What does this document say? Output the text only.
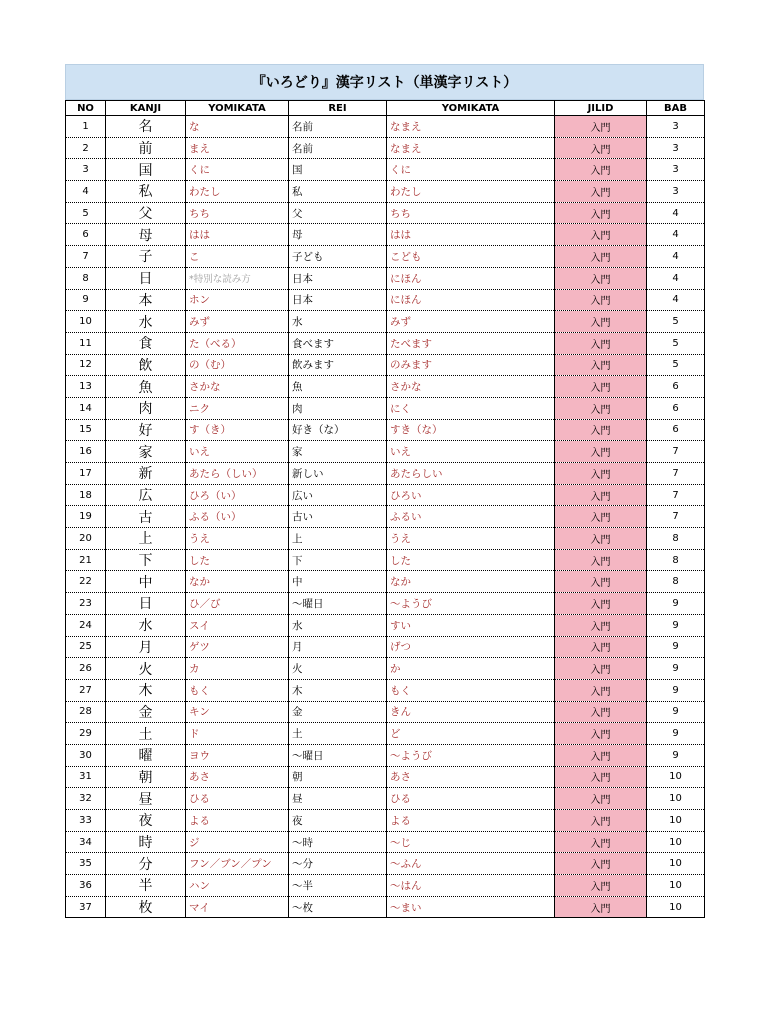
『いろどり』漢字リスト（単漢字リスト）
NO	KANJI	YOMIKATA	REI	YOMIKATA	JILID	BAB
1	名	な	名前	なまえ	入門	3
2	前	まえ	名前	なまえ	入門	3
3	国	くに	国	くに	入門	3
4	私	わたし	私	わたし	入門	3
5	父	ちち	父	ちち	入門	4
6	母	はは	母	はは	入門	4
7	子	こ	子ども	こども	入門	4
8	日	*特別な読み方	日本	にほん	入門	4
9	本	ホン	日本	にほん	入門	4
10	水	みず	水	みず	入門	5
11	食	た（べる）	食べます	たべます	入門	5
12	飲	の（む）	飲みます	のみます	入門	5
13	魚	さかな	魚	さかな	入門	6
14	肉	ニク	肉	にく	入門	6
15	好	す（き）	好き（な）	すき（な）	入門	6
16	家	いえ	家	いえ	入門	7
17	新	あたら（しい）	新しい	あたらしい	入門	7
18	広	ひろ（い）	広い	ひろい	入門	7
19	古	ふる（い）	古い	ふるい	入門	7
20	上	うえ	上	うえ	入門	8
21	下	した	下	した	入門	8
22	中	なか	中	なか	入門	8
23	日	ひ／び	～曜日	～ようび	入門	9
24	水	スイ	水	すい	入門	9
25	月	ゲツ	月	げつ	入門	9
26	火	カ	火	か	入門	9
27	木	もく	木	もく	入門	9
28	金	キン	金	きん	入門	9
29	土	ド	土	ど	入門	9
30	曜	ヨウ	～曜日	～ようび	入門	9
31	朝	あさ	朝	あさ	入門	10
32	昼	ひる	昼	ひる	入門	10
33	夜	よる	夜	よる	入門	10
34	時	ジ	～時	～じ	入門	10
35	分	フン／ブン／プン	～分	～ふん	入門	10
36	半	ハン	～半	～はん	入門	10
37	枚	マイ	～枚	～まい	入門	10
